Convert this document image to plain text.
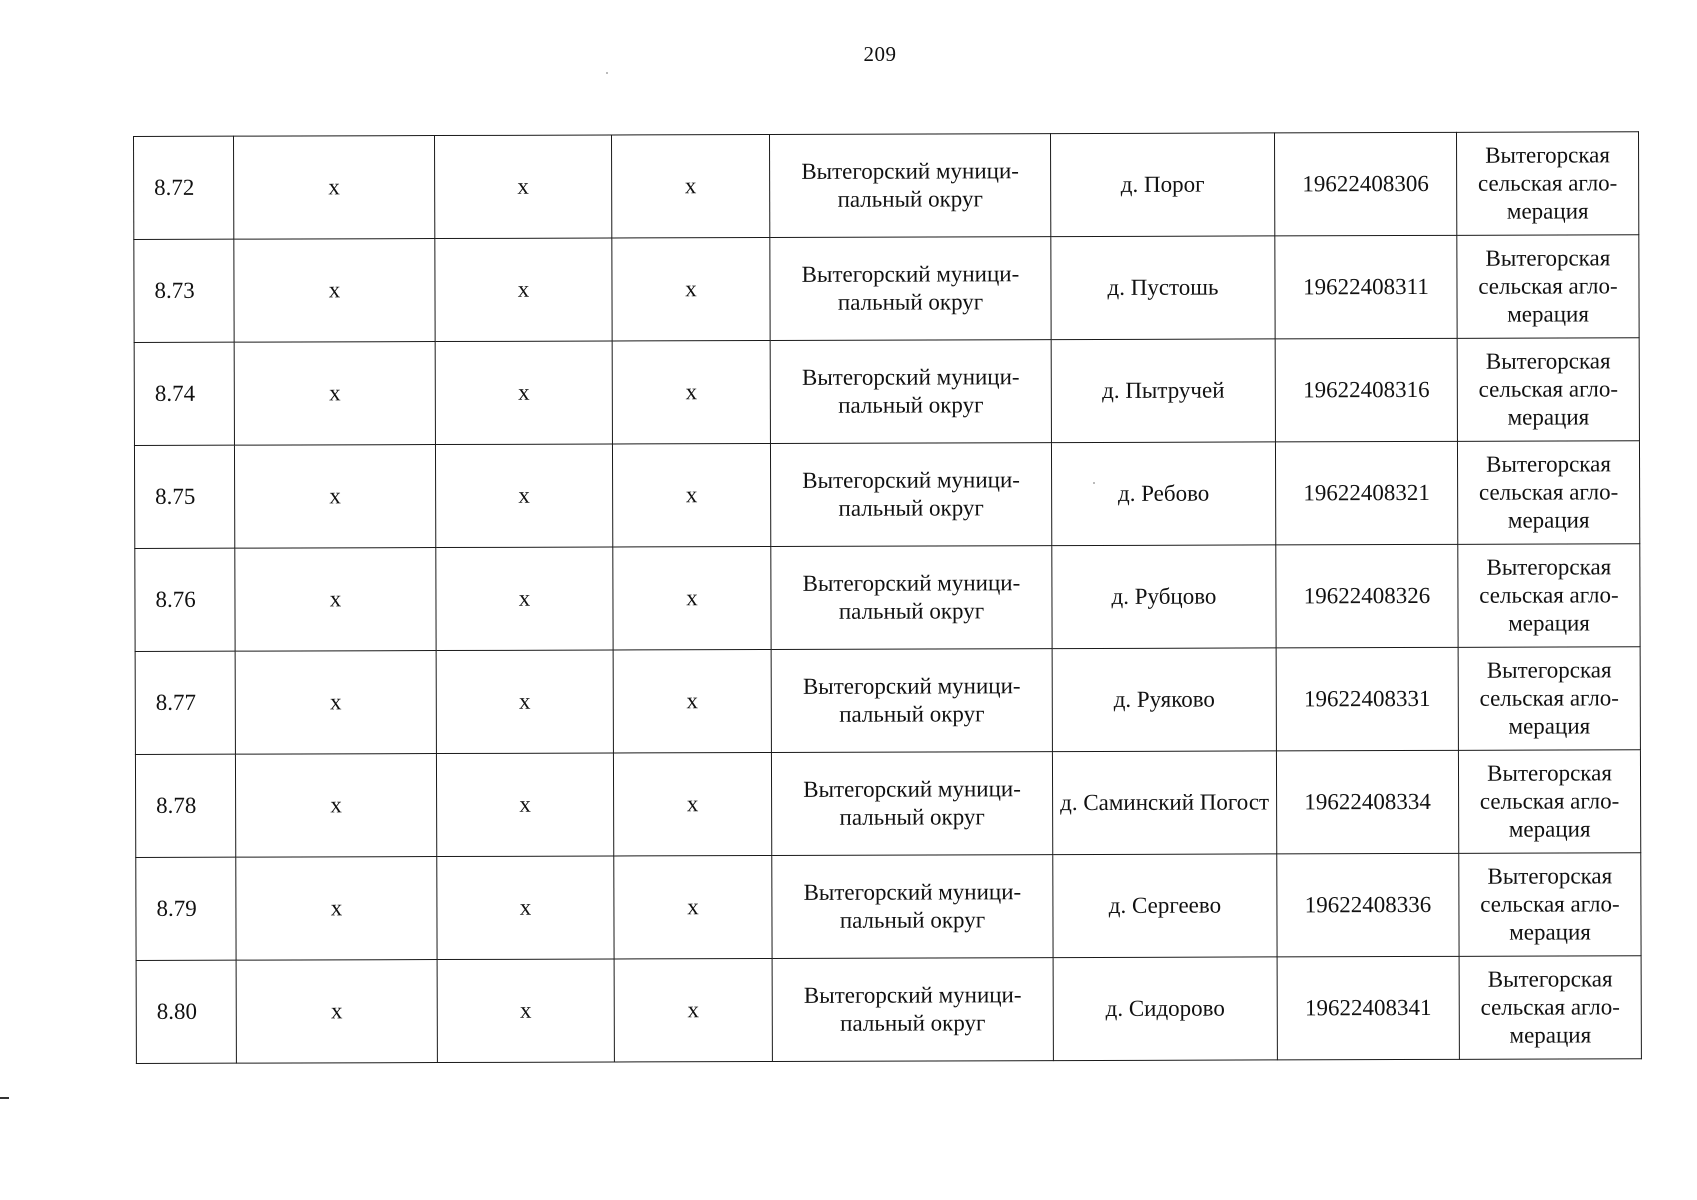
209
8.72	x	x	x	Вытегорский муници-пальный округ	д. Порог	19622408306	Вытегорская сельская агло-мерация
8.73	x	x	x	Вытегорский муници-пальный округ	д. Пустошь	19622408311	Вытегорская сельская агло-мерация
8.74	x	x	x	Вытегорский муници-пальный округ	д. Пытручей	19622408316	Вытегорская сельская агло-мерация
8.75	x	x	x	Вытегорский муници-пальный округ	д. Ребово	19622408321	Вытегорская сельская агло-мерация
8.76	x	x	x	Вытегорский муници-пальный округ	д. Рубцово	19622408326	Вытегорская сельская агло-мерация
8.77	x	x	x	Вытегорский муници-пальный округ	д. Руяково	19622408331	Вытегорская сельская агло-мерация
8.78	x	x	x	Вытегорский муници-пальный округ	д. Саминский Погост	19622408334	Вытегорская сельская агло-мерация
8.79	x	x	x	Вытегорский муници-пальный округ	д. Сергеево	19622408336	Вытегорская сельская агло-мерация
8.80	x	x	x	Вытегорский муници-пальный округ	д. Сидорово	19622408341	Вытегорская сельская агло-мерация
